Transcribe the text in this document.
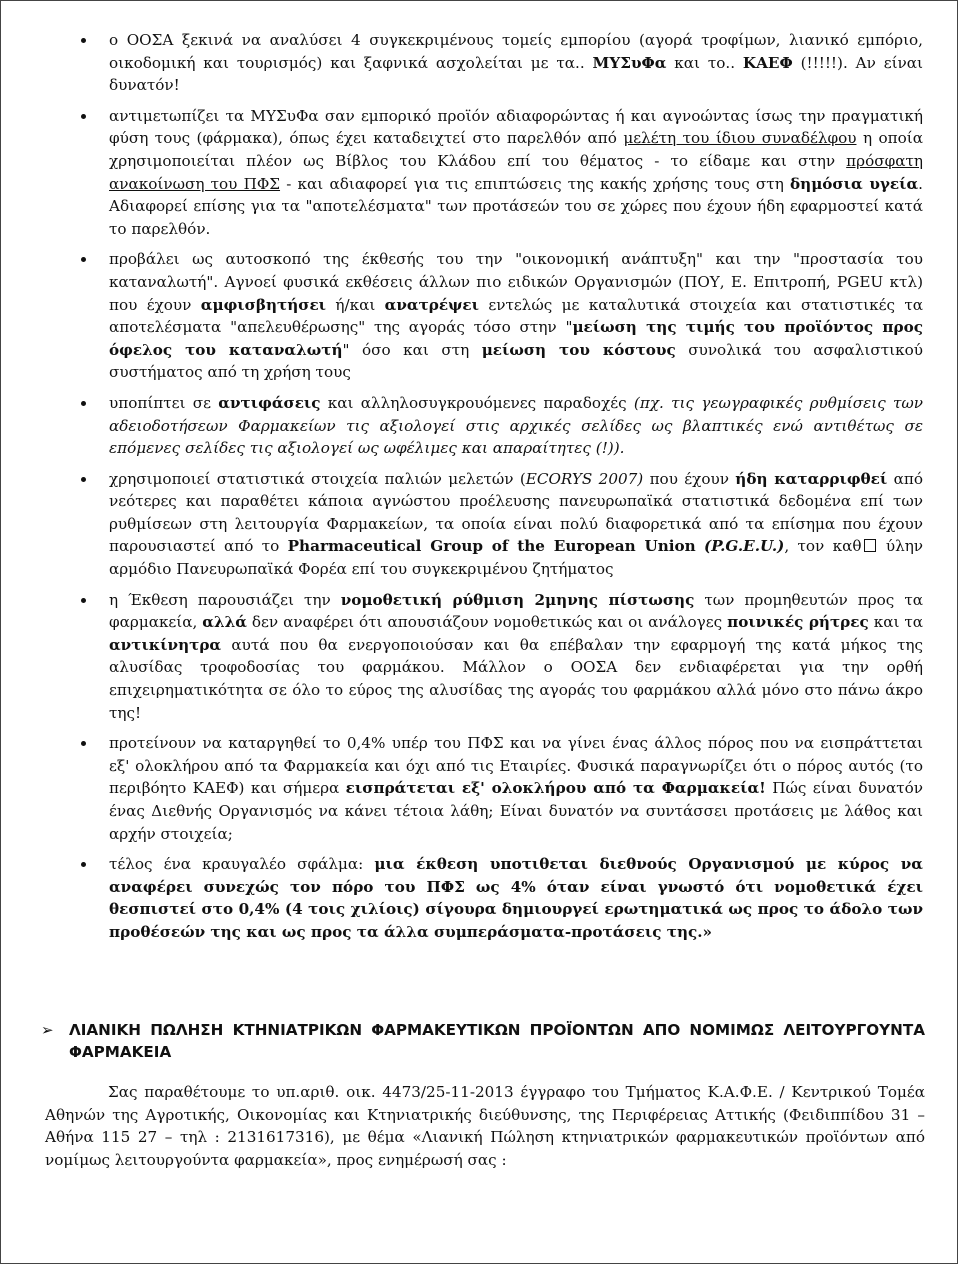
ο ΟΟΣΑ ξεκινά να αναλύσει 4 συγκεκριμένους τομείς εμπορίου (αγορά τροφίμων, λιανικό εμπόριο, οικοδομική και τουρισμός) και ξαφνικά ασχολείται με τα.. ΜΥΣυΦα και το.. ΚΑΕΦ (!!!!!). Αν είναι δυνατόν!
αντιμετωπίζει τα ΜΥΣυΦα σαν εμπορικό προϊόν αδιαφορώντας ή και αγνοώντας ίσως την πραγματική φύση τους (φάρμακα), όπως έχει καταδειχτεί στο παρελθόν από μελέτη του ίδιου συναδέλφου η οποία χρησιμοποιείται πλέον ως Βίβλος του Κλάδου επί του θέματος - το είδαμε και στην πρόσφατη ανακοίνωση του ΠΦΣ - και αδιαφορεί για τις επιπτώσεις της κακής χρήσης τους στη δημόσια υγεία. Αδιαφορεί επίσης για τα "αποτελέσματα" των προτάσεών του σε χώρες που έχουν ήδη εφαρμοστεί κατά το παρελθόν.
προβάλει ως αυτοσκοπό της έκθεσής του την "οικονομική ανάπτυξη" και την "προστασία του καταναλωτή". Αγνοεί φυσικά εκθέσεις άλλων πιο ειδικών Οργανισμών (ΠΟΥ, Ε. Επιτροπή, PGEU κτλ) που έχουν αμφισβητήσει ή/και ανατρέψει εντελώς με καταλυτικά στοιχεία και στατιστικές τα αποτελέσματα "απελευθέρωσης" της αγοράς τόσο στην "μείωση της τιμής του προϊόντος προς όφελος του καταναλωτή" όσο και στη μείωση του κόστους συνολικά του ασφαλιστικού συστήματος από τη χρήση τους
υποπίπτει σε αντιφάσεις και αλληλοσυγκρουόμενες παραδοχές (πχ. τις γεωγραφικές ρυθμίσεις των αδειοδοτήσεων Φαρμακείων τις αξιολογεί στις αρχικές σελίδες ως βλαπτικές ενώ αντιθέτως σε επόμενες σελίδες τις αξιολογεί ως ωφέλιμες και απαραίτητες (!)).
χρησιμοποιεί στατιστικά στοιχεία παλιών μελετών (ECORYS 2007) που έχουν ήδη καταρριφθεί από νεότερες και παραθέτει κάποια αγνώστου προέλευσης πανευρωπαϊκά στατιστικά δεδομένα επί των ρυθμίσεων στη λειτουργία Φαρμακείων, τα οποία είναι πολύ διαφορετικά από τα επίσημα που έχουν παρουσιαστεί από το Pharmaceutical Group of the European Union (P.G.E.U.), τον καθ ύλην αρμόδιο Πανευρωπαϊκά Φορέα επί του συγκεκριμένου ζητήματος
η Έκθεση παρουσιάζει την νομοθετική ρύθμιση 2μηνης πίστωσης των προμηθευτών προς τα φαρμακεία, αλλά δεν αναφέρει ότι απουσιάζουν νομοθετικώς και οι ανάλογες ποινικές ρήτρες και τα αντικίνητρα αυτά που θα ενεργοποιούσαν και θα επέβαλαν την εφαρμογή της κατά μήκος της αλυσίδας τροφοδοσίας του φαρμάκου. Μάλλον ο ΟΟΣΑ δεν ενδιαφέρεται για την ορθή επιχειρηματικότητα σε όλο το εύρος της αλυσίδας της αγοράς του φαρμάκου αλλά μόνο στο πάνω άκρο της!
προτείνουν να καταργηθεί το 0,4% υπέρ του ΠΦΣ και να γίνει ένας άλλος πόρος που να εισπράττεται εξ' ολοκλήρου από τα Φαρμακεία και όχι από τις Εταιρίες. Φυσικά παραγνωρίζει ότι ο πόρος αυτός (το περιβόητο ΚΑΕΦ) και σήμερα εισπράτεται εξ' ολοκλήρου από τα Φαρμακεία! Πώς είναι δυνατόν ένας Διεθνής Οργανισμός να κάνει τέτοια λάθη; Είναι δυνατόν να συντάσσει προτάσεις με λάθος και αρχήν στοιχεία;
τέλος ένα κραυγαλέο σφάλμα: μια έκθεση υποτιθεται διεθνούς Οργανισμού με κύρος να αναφέρει συνεχώς τον πόρο του ΠΦΣ ως 4% όταν είναι γνωστό ότι νομοθετικά έχει θεσπιστεί στο 0,4% (4 τοις χιλίοις) σίγουρα δημιουργεί ερωτηματικά ως προς το άδολο των προθέσεών της και ως προς τα άλλα συμπεράσματα-προτάσεις της.»
➢	ΛΙΑΝΙΚΗ ΠΩΛΗΣΗ ΚΤΗΝΙΑΤΡΙΚΩΝ ΦΑΡΜΑΚΕΥΤΙΚΩΝ ΠΡΟΪΟΝΤΩΝ ΑΠΟ ΝΟΜΙΜΩΣ ΛΕΙΤΟΥΡΓΟΥΝΤΑ ΦΑΡΜΑΚΕΙΑ
Σας παραθέτουμε το υπ.αριθ. οικ. 4473/25-11-2013 έγγραφο του Τμήματος Κ.Α.Φ.Ε. / Κεντρικού Τομέα Αθηνών της Αγροτικής, Οικονομίας και Κτηνιατρικής διεύθυνσης, της Περιφέρειας Αττικής (Φειδιππίδου 31 – Αθήνα 115 27 – τηλ : 2131617316), με θέμα «Λιανική Πώληση κτηνιατρικών φαρμακευτικών προϊόντων από νομίμως λειτουργούντα φαρμακεία», προς ενημέρωσή σας :
